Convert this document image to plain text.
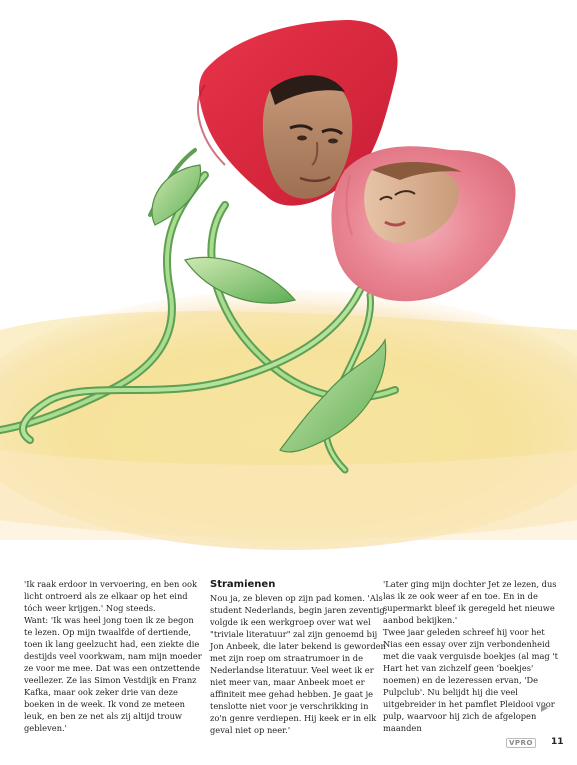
'Ik raak erdoor in vervoering, en ben ook licht ontroerd als ze elkaar op het eind tóch weer krijgen.' Nog steeds.

Want: 'Ik was heel jong toen ik ze begon te lezen. Op mijn twaalfde of dertiende, toen ik lang geelzucht had, een ziekte die destijds veel voorkwam, nam mijn moeder ze voor me mee. Dat was een ontzettende veellezer. Ze las Simon Vestdijk en Franz Kafka, maar ook zeker drie van deze boeken in de week. Ik vond ze meteen leuk, en ben ze net als zij altijd trouw gebleven.'

Stramienen

Nou ja, ze bleven op zijn pad komen. 'Als student Nederlands, begin jaren zeventig, volgde ik een werkgroep over wat wel "triviale literatuur" zal zijn genoemd bij Jon Anbeek, die later bekend is geworden met zijn roep om straatrumoer in de Nederlandse literatuur. Veel weet ik er niet meer van, maar Anbeek moet er affiniteit mee gehad hebben. Je gaat je tenslotte niet voor je verschrikking in zo'n genre verdiepen. Hij keek er in elk geval niet op neer.'

'Later ging mijn dochter Jet ze lezen, dus las ik ze ook weer af en toe. En in de supermarkt bleef ik geregeld het nieuwe aanbod bekijken.'

Twee jaar geleden schreef hij voor het Nias een essay over zijn verbondenheid met die vaak verguisde boekjes (al mag 't Hart het van zichzelf geen 'boekjes' noemen) en de lezeressen ervan, 'De Pulpclub'. Nu belijdt hij die veel uitgebreider in het pamflet Pleidooi voor pulp, waarvoor hij zich de afgelopen maanden

VPRO	11
